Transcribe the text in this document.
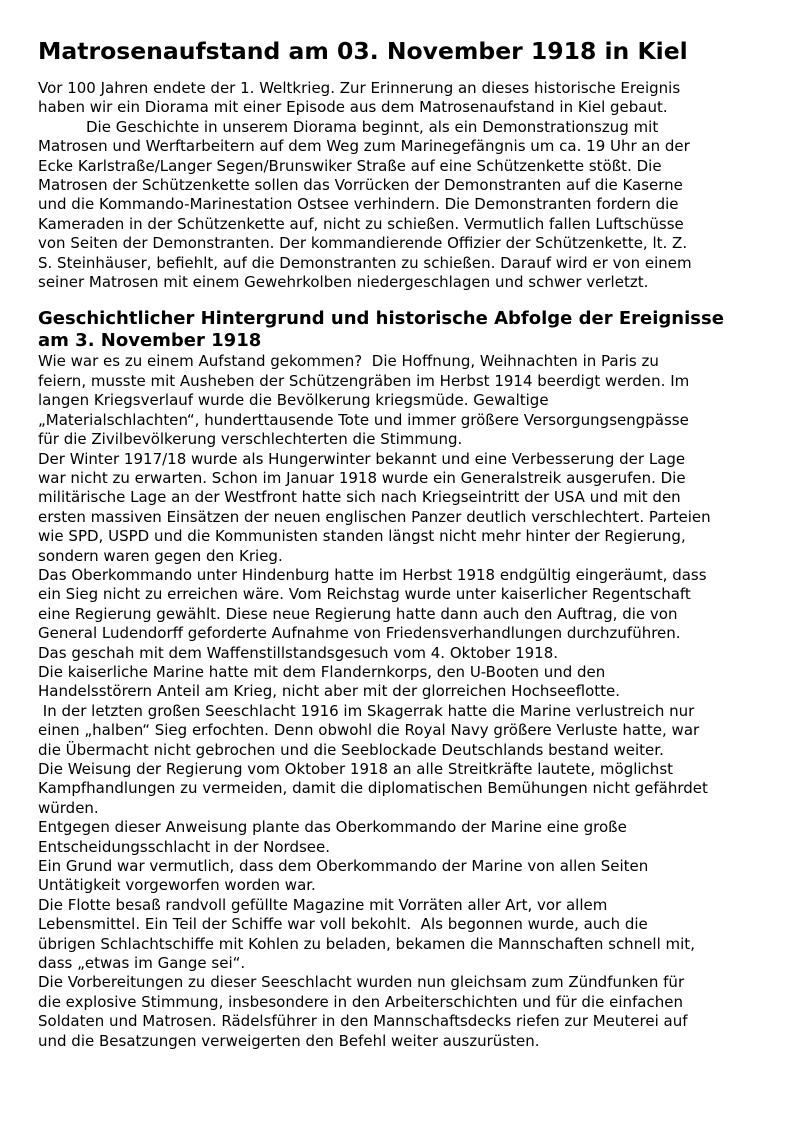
Matrosenaufstand am 03. November 1918 in Kiel
Vor 100 Jahren endete der 1. Weltkrieg. Zur Erinnerung an dieses historische Ereignis
haben wir ein Diorama mit einer Episode aus dem Matrosenaufstand in Kiel gebaut.
Die Geschichte in unserem Diorama beginnt, als ein Demonstrationszug mit
Matrosen und Werftarbeitern auf dem Weg zum Marinegefängnis um ca. 19 Uhr an der
Ecke Karlstraße/Langer Segen/Brunswiker Straße auf eine Schützenkette stößt. Die
Matrosen der Schützenkette sollen das Vorrücken der Demonstranten auf die Kaserne
und die Kommando-Marinestation Ostsee verhindern. Die Demonstranten fordern die
Kameraden in der Schützenkette auf, nicht zu schießen. Vermutlich fallen Luftschüsse
von Seiten der Demonstranten. Der kommandierende Offizier der Schützenkette, lt. Z.
S. Steinhäuser, befiehlt, auf die Demonstranten zu schießen. Darauf wird er von einem
seiner Matrosen mit einem Gewehrkolben niedergeschlagen und schwer verletzt.
Geschichtlicher Hintergrund und historische Abfolge der Ereignisse
am 3. November 1918
Wie war es zu einem Aufstand gekommen?  Die Hoffnung, Weihnachten in Paris zu
feiern, musste mit Ausheben der Schützengräben im Herbst 1914 beerdigt werden. Im
langen Kriegsverlauf wurde die Bevölkerung kriegsmüde. Gewaltige
„Materialschlachten“, hunderttausende Tote und immer größere Versorgungsengpässe
für die Zivilbevölkerung verschlechterten die Stimmung.
Der Winter 1917/18 wurde als Hungerwinter bekannt und eine Verbesserung der Lage
war nicht zu erwarten. Schon im Januar 1918 wurde ein Generalstreik ausgerufen. Die
militärische Lage an der Westfront hatte sich nach Kriegseintritt der USA und mit den
ersten massiven Einsätzen der neuen englischen Panzer deutlich verschlechtert. Parteien
wie SPD, USPD und die Kommunisten standen längst nicht mehr hinter der Regierung,
sondern waren gegen den Krieg.
Das Oberkommando unter Hindenburg hatte im Herbst 1918 endgültig eingeräumt, dass
ein Sieg nicht zu erreichen wäre. Vom Reichstag wurde unter kaiserlicher Regentschaft
eine Regierung gewählt. Diese neue Regierung hatte dann auch den Auftrag, die von
General Ludendorff geforderte Aufnahme von Friedensverhandlungen durchzuführen.
Das geschah mit dem Waffenstillstandsgesuch vom 4. Oktober 1918.
Die kaiserliche Marine hatte mit dem Flandernkorps, den U-Booten und den
Handelsstörern Anteil am Krieg, nicht aber mit der glorreichen Hochseeflotte.
In der letzten großen Seeschlacht 1916 im Skagerrak hatte die Marine verlustreich nur
einen „halben“ Sieg erfochten. Denn obwohl die Royal Navy größere Verluste hatte, war
die Übermacht nicht gebrochen und die Seeblockade Deutschlands bestand weiter.
Die Weisung der Regierung vom Oktober 1918 an alle Streitkräfte lautete, möglichst
Kampfhandlungen zu vermeiden, damit die diplomatischen Bemühungen nicht gefährdet
würden.
Entgegen dieser Anweisung plante das Oberkommando der Marine eine große
Entscheidungsschlacht in der Nordsee.
Ein Grund war vermutlich, dass dem Oberkommando der Marine von allen Seiten
Untätigkeit vorgeworfen worden war.
Die Flotte besaß randvoll gefüllte Magazine mit Vorräten aller Art, vor allem
Lebensmittel. Ein Teil der Schiffe war voll bekohlt.  Als begonnen wurde, auch die
übrigen Schlachtschiffe mit Kohlen zu beladen, bekamen die Mannschaften schnell mit,
dass „etwas im Gange sei“.
Die Vorbereitungen zu dieser Seeschlacht wurden nun gleichsam zum Zündfunken für
die explosive Stimmung, insbesondere in den Arbeiterschichten und für die einfachen
Soldaten und Matrosen. Rädelsführer in den Mannschaftsdecks riefen zur Meuterei auf
und die Besatzungen verweigerten den Befehl weiter auszurüsten.
